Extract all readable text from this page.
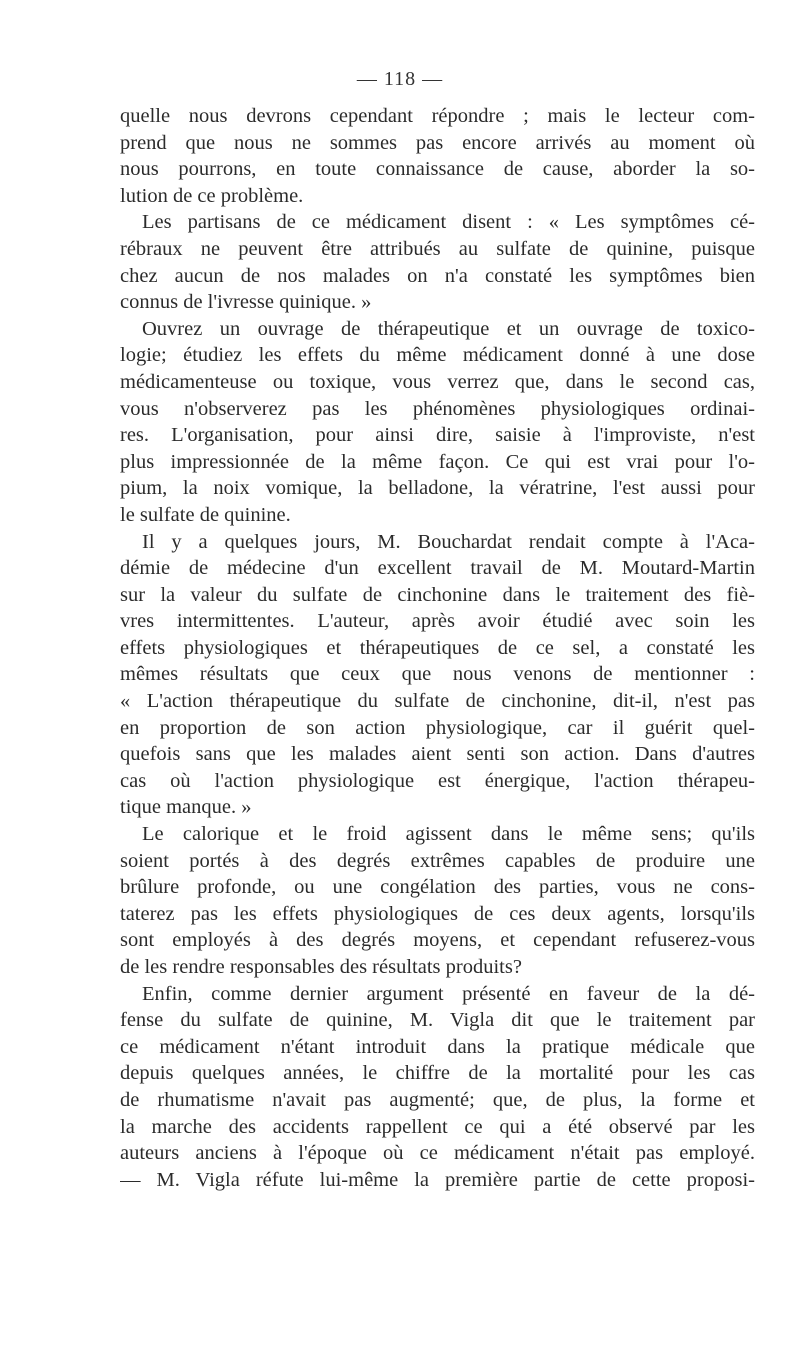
— 118 —
quelle nous devrons cependant répondre ; mais le lecteur com-
prend que nous ne sommes pas encore arrivés au moment où
nous pourrons, en toute connaissance de cause, aborder la so-
lution de ce problème.
Les partisans de ce médicament disent : « Les symptômes cé-
rébraux ne peuvent être attribués au sulfate de quinine, puisque
chez aucun de nos malades on n'a constaté les symptômes bien
connus de l'ivresse quinique. »
Ouvrez un ouvrage de thérapeutique et un ouvrage de toxico-
logie; étudiez les effets du même médicament donné à une dose
médicamenteuse ou toxique, vous verrez que, dans le second cas,
vous n'observerez pas les phénomènes physiologiques ordinai-
res. L'organisation, pour ainsi dire, saisie à l'improviste, n'est
plus impressionnée de la même façon. Ce qui est vrai pour l'o-
pium, la noix vomique, la belladone, la vératrine, l'est aussi pour
le sulfate de quinine.
Il y a quelques jours, M. Bouchardat rendait compte à l'Aca-
démie de médecine d'un excellent travail de M. Moutard-Martin
sur la valeur du sulfate de cinchonine dans le traitement des fiè-
vres intermittentes. L'auteur, après avoir étudié avec soin les
effets physiologiques et thérapeutiques de ce sel, a constaté les
mêmes résultats que ceux que nous venons de mentionner :
« L'action thérapeutique du sulfate de cinchonine, dit-il, n'est pas
en proportion de son action physiologique, car il guérit quel-
quefois sans que les malades aient senti son action. Dans d'autres
cas où l'action physiologique est énergique, l'action thérapeu-
tique manque. »
Le calorique et le froid agissent dans le même sens; qu'ils
soient portés à des degrés extrêmes capables de produire une
brûlure profonde, ou une congélation des parties, vous ne cons-
taterez pas les effets physiologiques de ces deux agents, lorsqu'ils
sont employés à des degrés moyens, et cependant refuserez-vous
de les rendre responsables des résultats produits?
Enfin, comme dernier argument présenté en faveur de la dé-
fense du sulfate de quinine, M. Vigla dit que le traitement par
ce médicament n'étant introduit dans la pratique médicale que
depuis quelques années, le chiffre de la mortalité pour les cas
de rhumatisme n'avait pas augmenté; que, de plus, la forme et
la marche des accidents rappellent ce qui a été observé par les
auteurs anciens à l'époque où ce médicament n'était pas employé.
— M. Vigla réfute lui-même la première partie de cette proposi-
